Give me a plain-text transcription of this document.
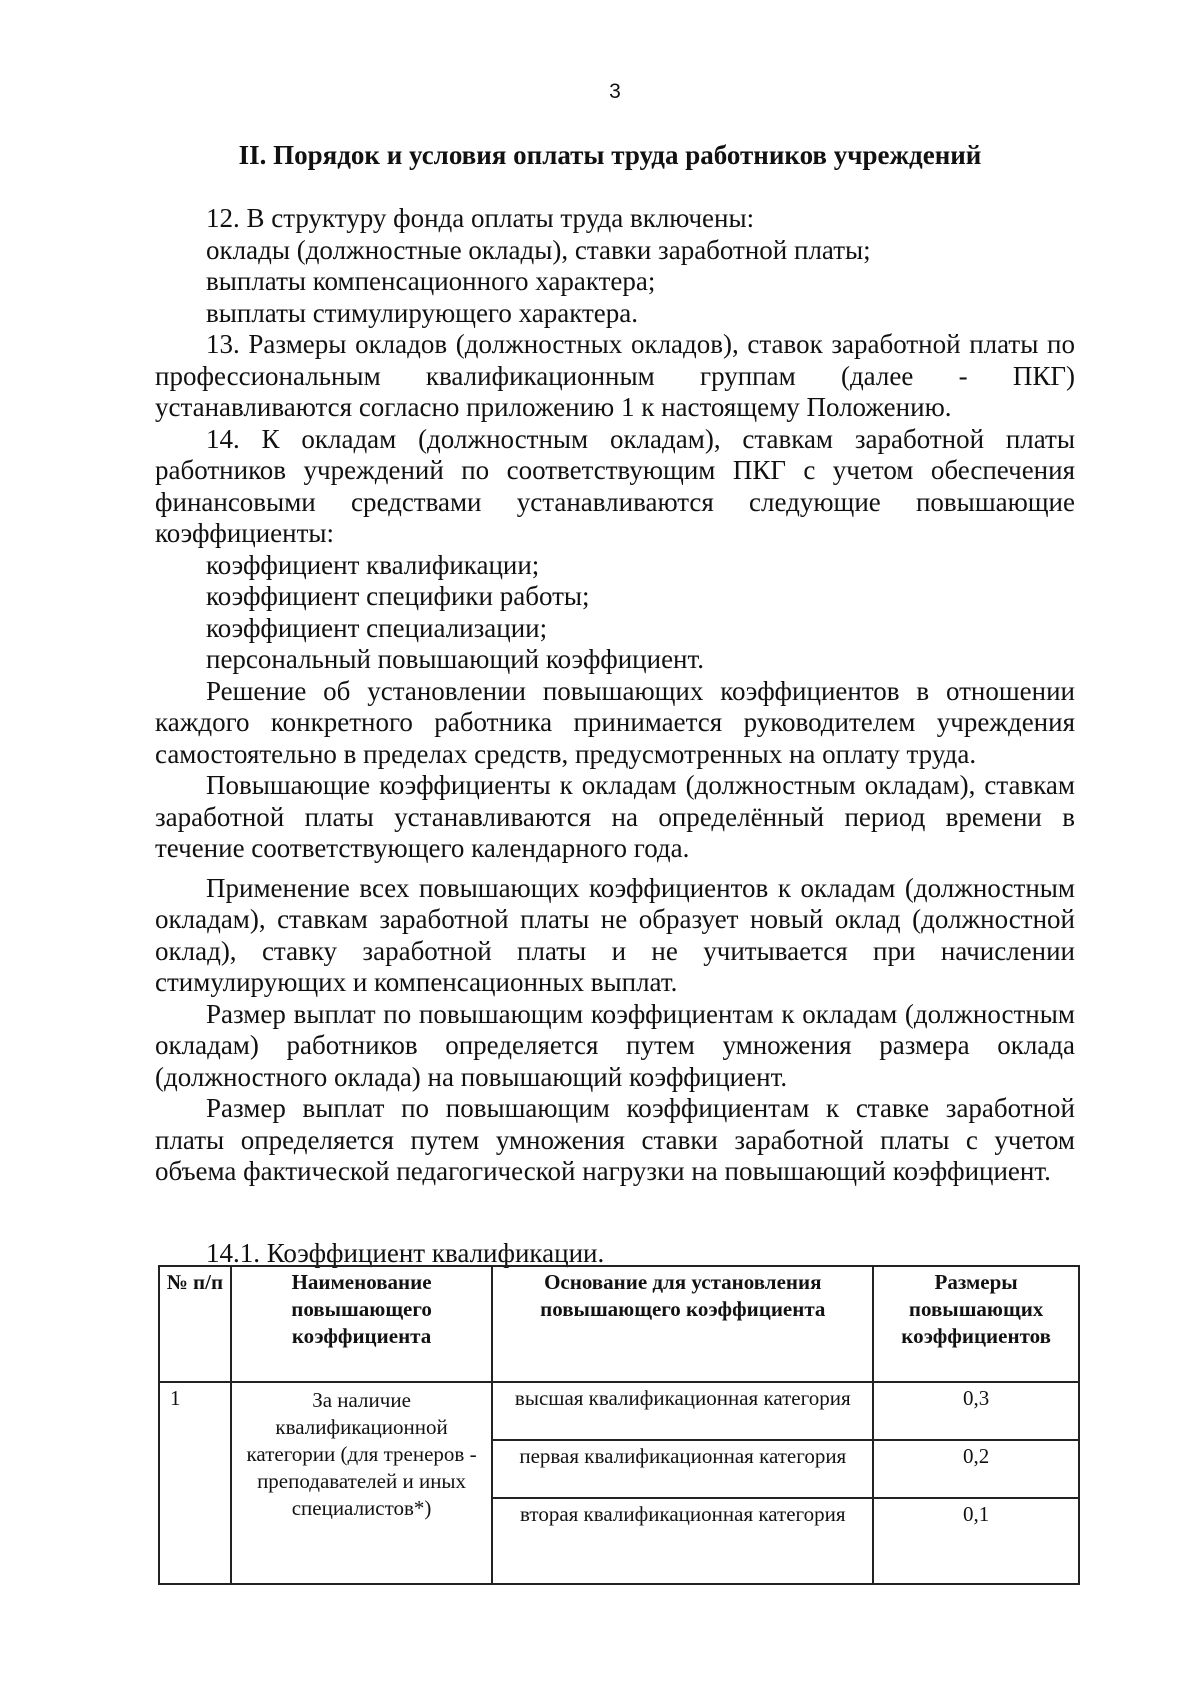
3
II. Порядок и условия оплаты труда работников учреждений

12. В структуру фонда оплаты труда включены:

оклады (должностные оклады), ставки заработной платы;

выплаты компенсационного характера;

выплаты стимулирующего характера.

13. Размеры окладов (должностных окладов), ставок заработной платы по профессиональным квалификационным группам (далее - ПКГ) устанавливаются согласно приложению 1 к настоящему Положению.

14. К окладам (должностным окладам), ставкам заработной платы работников учреждений по соответствующим ПКГ с учетом обеспечения финансовыми средствами устанавливаются следующие повышающие коэффициенты:

коэффициент квалификации;

коэффициент специфики работы;

коэффициент специализации;

персональный повышающий коэффициент.

Решение об установлении повышающих коэффициентов в отношении каждого конкретного работника принимается руководителем учреждения самостоятельно в пределах средств, предусмотренных на оплату труда.

Повышающие коэффициенты к окладам (должностным окладам), ставкам заработной платы устанавливаются на определённый период времени в течение соответствующего календарного года.

Применение всех повышающих коэффициентов к окладам (должностным окладам), ставкам заработной платы не образует новый оклад (должностной оклад), ставку заработной платы и не учитывается при начислении стимулирующих и компенсационных выплат.

Размер выплат по повышающим коэффициентам к окладам (должностным окладам) работников определяется путем умножения размера оклада (должностного оклада) на повышающий коэффициент.

Размер выплат по повышающим коэффициентам к ставке заработной платы определяется путем умножения ставки заработной платы с учетом объема фактической педагогической нагрузки на повышающий коэффициент.

14.1. Коэффициент квалификации.
№ п/п	Наименование повышающего коэффициента	Основание для установления повышающего коэффициента	Размеры повышающих коэффициентов
1	За наличие квалификационной категории (для тренеров - преподавателей и иных специалистов*)	высшая квалификационная категория	0,3
		первая квалификационная категория	0,2
		вторая квалификационная категория	0,1
